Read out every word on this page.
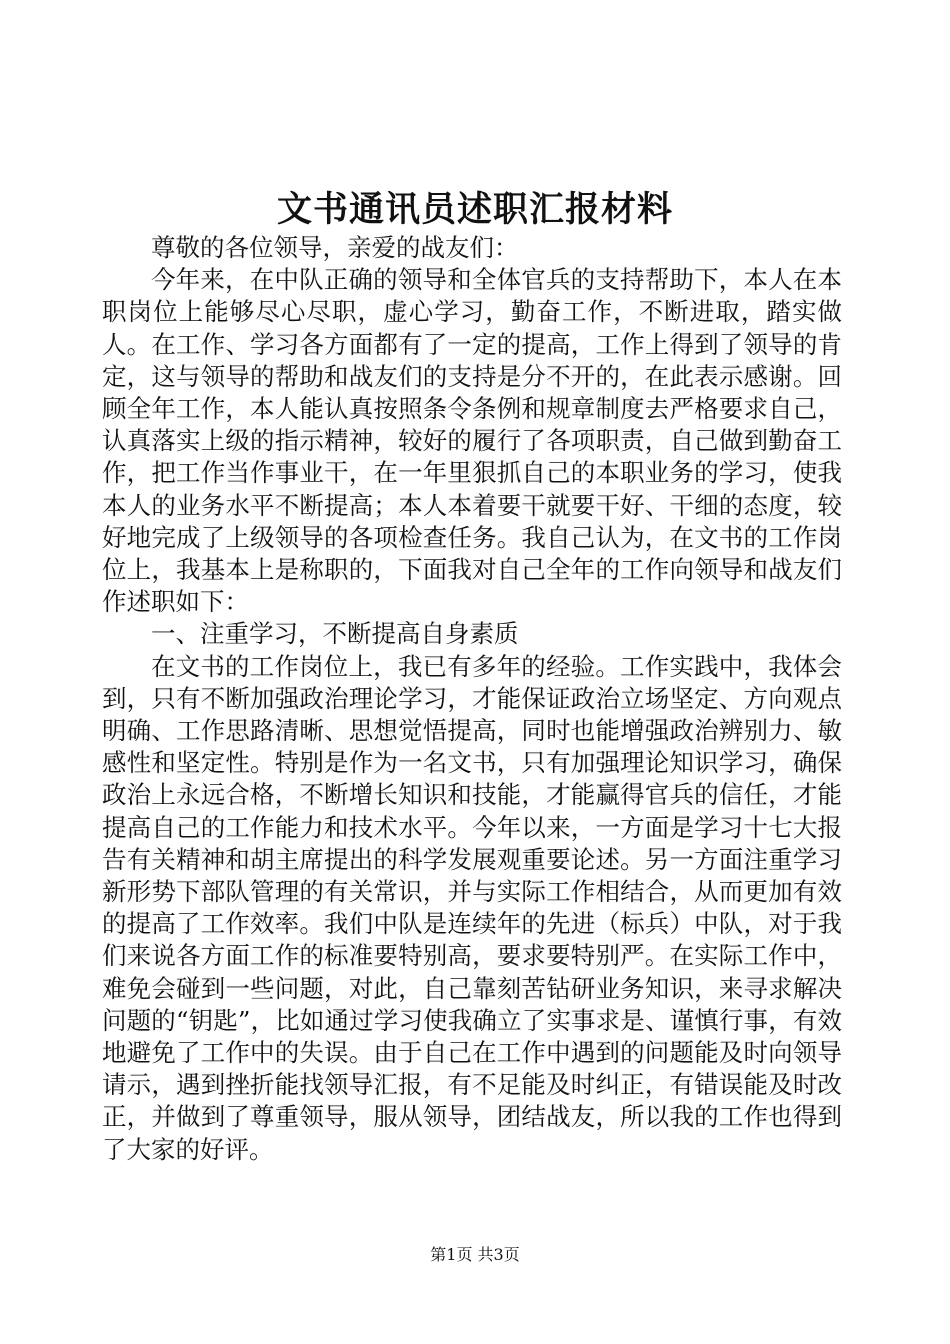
文书通讯员述职汇报材料

尊敬的各位领导，亲爱的战友们：

今年来，在中队正确的领导和全体官兵的支持帮助下，本人在本职岗位上能够尽心尽职，虚心学习，勤奋工作，不断进取，踏实做人。在工作、学习各方面都有了一定的提高，工作上得到了领导的肯定，这与领导的帮助和战友们的支持是分不开的，在此表示感谢。回顾全年工作，本人能认真按照条令条例和规章制度去严格要求自己，认真落实上级的指示精神，较好的履行了各项职责，自己做到勤奋工作，把工作当作事业干，在一年里狠抓自己的本职业务的学习，使我本人的业务水平不断提高；本人本着要干就要干好、干细的态度，较好地完成了上级领导的各项检查任务。我自己认为，在文书的工作岗位上，我基本上是称职的，下面我对自己全年的工作向领导和战友们作述职如下：

一、注重学习，不断提高自身素质

在文书的工作岗位上，我已有多年的经验。工作实践中，我体会到，只有不断加强政治理论学习，才能保证政治立场坚定、方向观点明确、工作思路清晰、思想觉悟提高，同时也能增强政治辨别力、敏感性和坚定性。特别是作为一名文书，只有加强理论知识学习，确保政治上永远合格，不断增长知识和技能，才能赢得官兵的信任，才能提高自己的工作能力和技术水平。今年以来，一方面是学习十七大报告有关精神和胡主席提出的科学发展观重要论述。另一方面注重学习新形势下部队管理的有关常识，并与实际工作相结合，从而更加有效的提高了工作效率。我们中队是连续年的先进（标兵）中队，对于我们来说各方面工作的标准要特别高，要求要特别严。在实际工作中，难免会碰到一些问题，对此，自己靠刻苦钻研业务知识，来寻求解决问题的“钥匙”，比如通过学习使我确立了实事求是、谨慎行事，有效地避免了工作中的失误。由于自己在工作中遇到的问题能及时向领导请示，遇到挫折能找领导汇报，有不足能及时纠正，有错误能及时改正，并做到了尊重领导，服从领导，团结战友，所以我的工作也得到了大家的好评。

第1页 共3页
